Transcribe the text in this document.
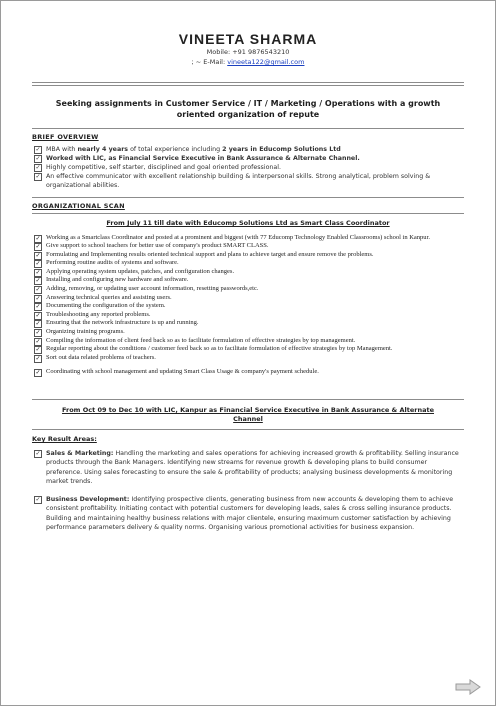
VINEETA SHARMA
Mobile: +91 9876543210
; ~ E-Mail: vineeta122@gmail.com
Seeking assignments in Customer Service / IT / Marketing / Operations with a growth oriented organization of repute
BRIEF OVERVIEW
✓ MBA with nearly 4 years of total experience including 2 years in Educomp Solutions Ltd
✓ Worked with LIC, as Financial Service Executive in Bank Assurance & Alternate Channel.
✓ Highly competitive, self starter, disciplined and goal oriented professional.
✓ An effective communicator with excellent relationship building & interpersonal skills. Strong analytical, problem solving & organizational abilities.
ORGANIZATIONAL SCAN
From July 11 till date with Educomp Solutions Ltd as Smart Class Coordinator
✓ Working as a Smartclass Coordinator and posted at a prominent and biggest (with 77 Educomp Technology Enabled Classrooms) school in Kanpur.
✓ Give support to school teachers for better use of company's product SMART CLASS.
✓ Formulating and Implementing results oriented technical support and plans to achieve target and ensure remove the problems.
✓ Performing routine audits of systems and software.
✓ Applying operating system updates, patches, and configuration changes.
✓ Installing and configuring new hardware and software.
✓ Adding, removing, or updating user account information, resetting passwords,etc.
✓ Answering technical queries and assisting users.
✓ Documenting the configuration of the system.
✓ Troubleshooting any reported problems.
✓ Ensuring that the network infrastructure is up and running.
✓ Organizing training programs.
✓ Compiling the information of client feed back so as to facilitate formulation of effective strategies by top management.
✓ Regular reporting about the conditions / customer feed back so as to facilitate formulation of effective strategies by top Management.
✓ Sort out data related problems of teachers.
✓ Coordinating with school management and updating Smart Class Usage & company's payment schedule.
From Oct 09 to Dec 10 with LIC, Kanpur as Financial Service Executive in Bank Assurance & Alternate Channel
Key Result Areas:
✓ Sales & Marketing: Handling the marketing and sales operations for achieving increased growth & profitability. Selling insurance products through the Bank Managers. Identifying new streams for revenue growth & developing plans to build consumer preference. Using sales forecasting to ensure the sale & profitability of products; analysing business developments & monitoring market trends.
✓ Business Development: Identifying prospective clients, generating business from new accounts & developing them to achieve consistent profitability. Initiating contact with potential customers for developing leads, sales & cross selling insurance products. Building and maintaining healthy business relations with major clientele, ensuring maximum customer satisfaction by achieving performance parameters delivery & quality norms. Organising various promotional activities for business expansion.
